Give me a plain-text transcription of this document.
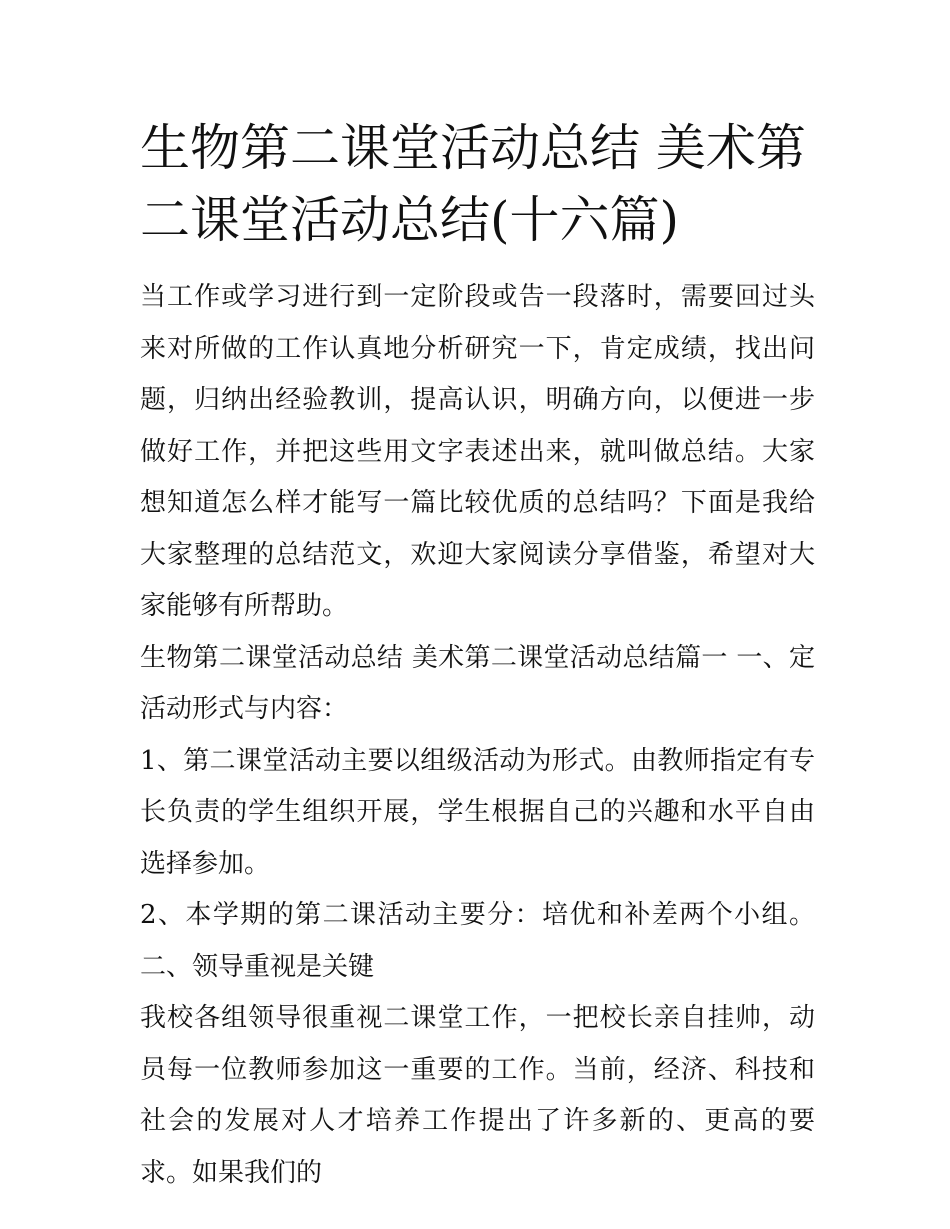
生物第二课堂活动总结 美术第二课堂活动总结(十六篇)

当工作或学习进行到一定阶段或告一段落时，需要回过头来对所做的工作认真地分析研究一下，肯定成绩，找出问题，归纳出经验教训，提高认识，明确方向，以便进一步做好工作，并把这些用文字表述出来，就叫做总结。大家想知道怎么样才能写一篇比较优质的总结吗？下面是我给大家整理的总结范文，欢迎大家阅读分享借鉴，希望对大家能够有所帮助。

生物第二课堂活动总结 美术第二课堂活动总结篇一 一、定活动形式与内容：

1、第二课堂活动主要以组级活动为形式。由教师指定有专长负责的学生组织开展，学生根据自己的兴趣和水平自由选择参加。

2、本学期的第二课活动主要分：培优和补差两个小组。 二、领导重视是关键

我校各组领导很重视二课堂工作，一把校长亲自挂帅，动员每一位教师参加这一重要的工作。当前，经济、科技和社会的发展对人才培养工作提出了许多新的、更高的要求。如果我们的
